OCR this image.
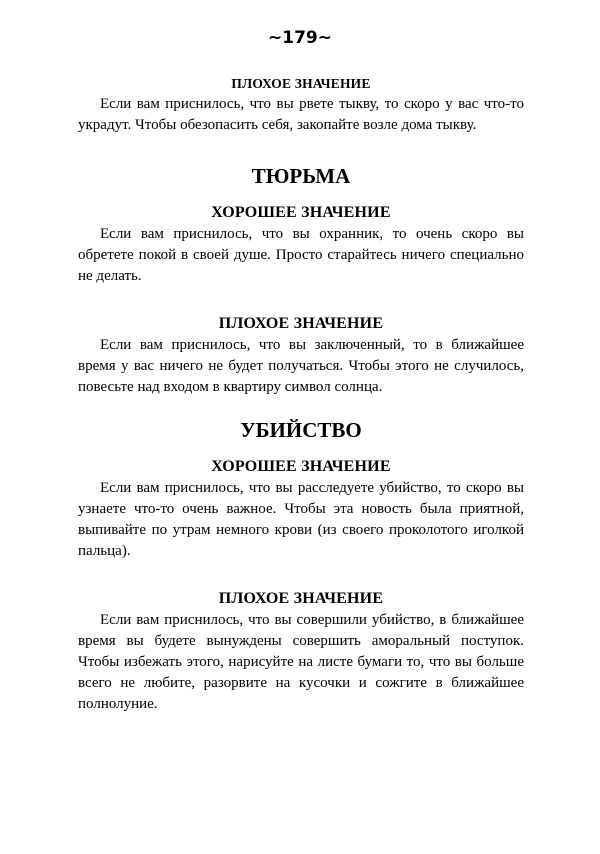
~179~
ПЛОХОЕ ЗНАЧЕНИЕ

Если вам приснилось, что вы рвете тыкву, то скоро у вас что-то украдут. Чтобы обезопасить себя, закопайте возле дома тыкву.

ТЮРЬМА
ХОРОШЕЕ ЗНАЧЕНИЕ

Если вам приснилось, что вы охранник, то очень скоро вы обретете покой в своей душе. Просто старайтесь ничего специально не делать.

ПЛОХОЕ ЗНАЧЕНИЕ

Если вам приснилось, что вы заключенный, то в ближайшее время у вас ничего не будет получаться. Чтобы этого не случилось, повесьте над входом в квартиру символ солнца.

УБИЙСТВО
ХОРОШЕЕ ЗНАЧЕНИЕ

Если вам приснилось, что вы расследуете убийство, то скоро вы узнаете что-то очень важное. Чтобы эта новость была приятной, выпивайте по утрам немного крови (из своего проколотого иголкой пальца).

ПЛОХОЕ ЗНАЧЕНИЕ

Если вам приснилось, что вы совершили убийство, в ближайшее время вы будете вынуждены совершить аморальный поступок. Чтобы избежать этого, нарисуйте на листе бумаги то, что вы больше всего не любите, разорвите на кусочки и сожгите в ближайшее полнолуние.
